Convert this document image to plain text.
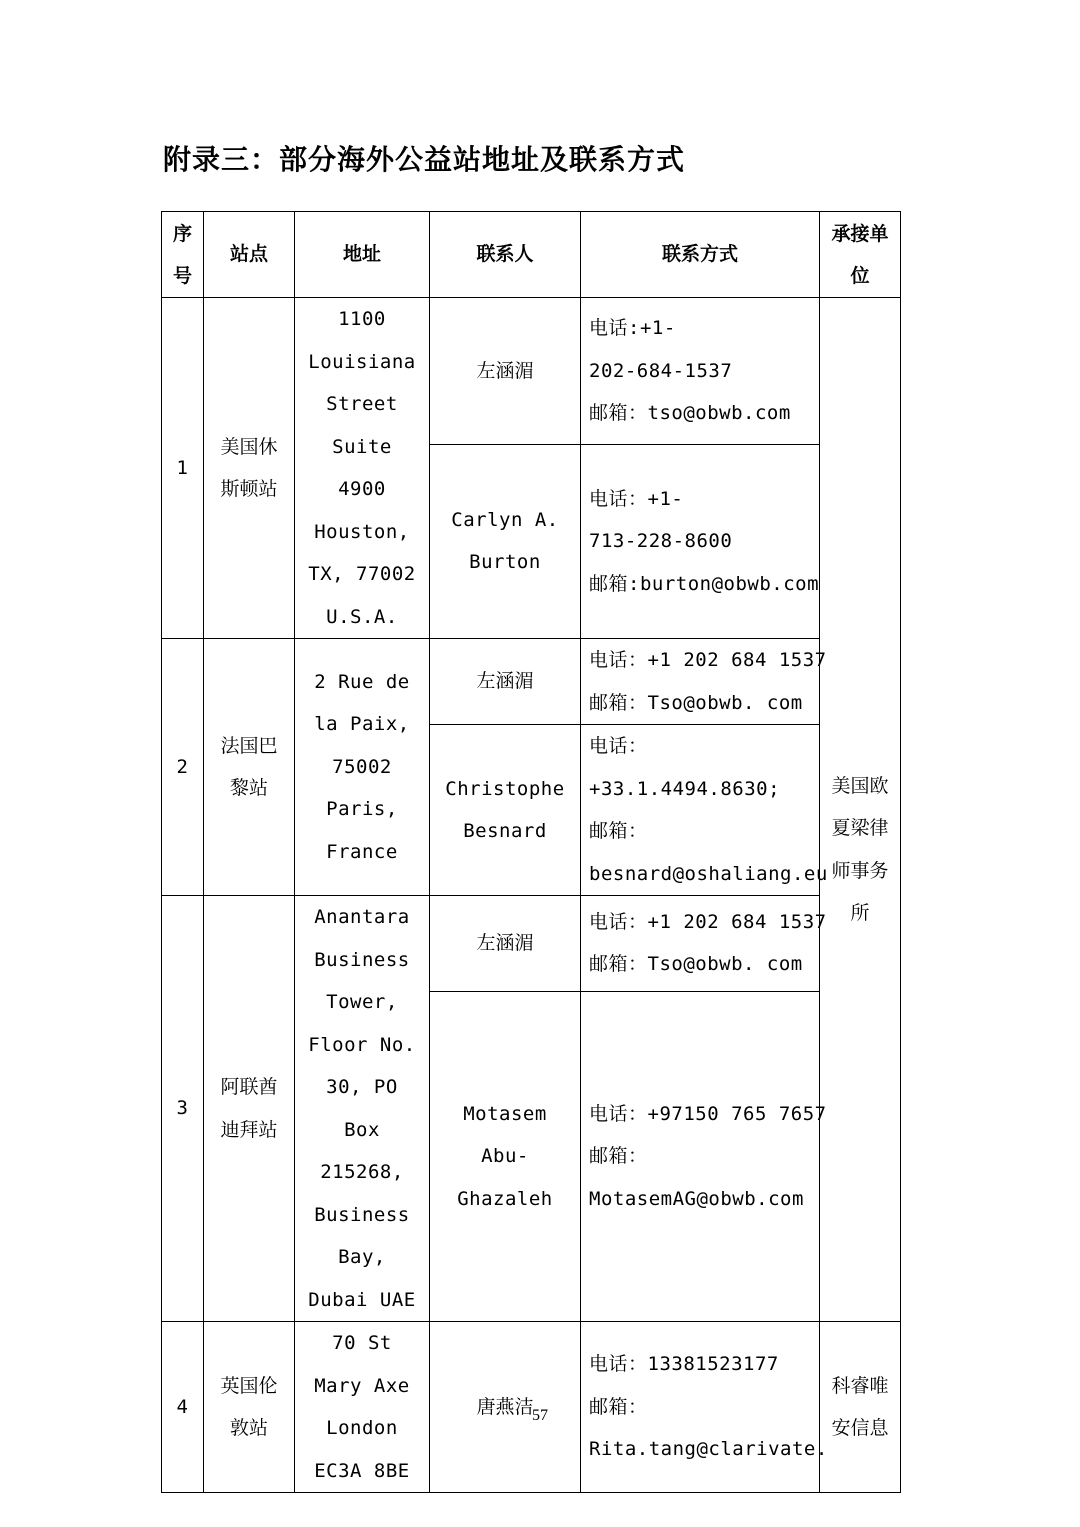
附录三：部分海外公益站地址及联系方式
序号	站点	地址	联系人	联系方式	承接单位
1	美国休斯顿站	1100 Louisiana Street Suite 4900 Houston, TX, 77002 U.S.A.	左涵湄	电话:+1-
202-684-1537
邮箱：tso@obwb.com	美国欧夏梁律师事务所

			Carlyn A. Burton	电话：+1-
713-228-8600
邮箱:burton@obwb.com	

2	法国巴黎站	2 Rue de la Paix, 75002 Paris, France	左涵湄	电话：+1 202 684 1537
邮箱：Tso@obwb. com	

			Christophe Besnard	电话：
+33.1.4494.8630;
邮箱：
besnard@oshaliang.eu	

3	阿联酋迪拜站	Anantara Business Tower, Floor No. 30, PO Box 215268, Business Bay, Dubai UAE	左涵湄	电话：+1 202 684 1537
邮箱：Tso@obwb. com	

			Motasem Abu-Ghazaleh	电话：+97150 765 7657
邮箱：
MotasemAG@obwb.com	

4	英国伦敦站	70 St Mary Axe London EC3A 8BE	唐燕洁	电话：13381523177
邮箱：
Rita.tang@clarivate.	科睿唯安信息
57
